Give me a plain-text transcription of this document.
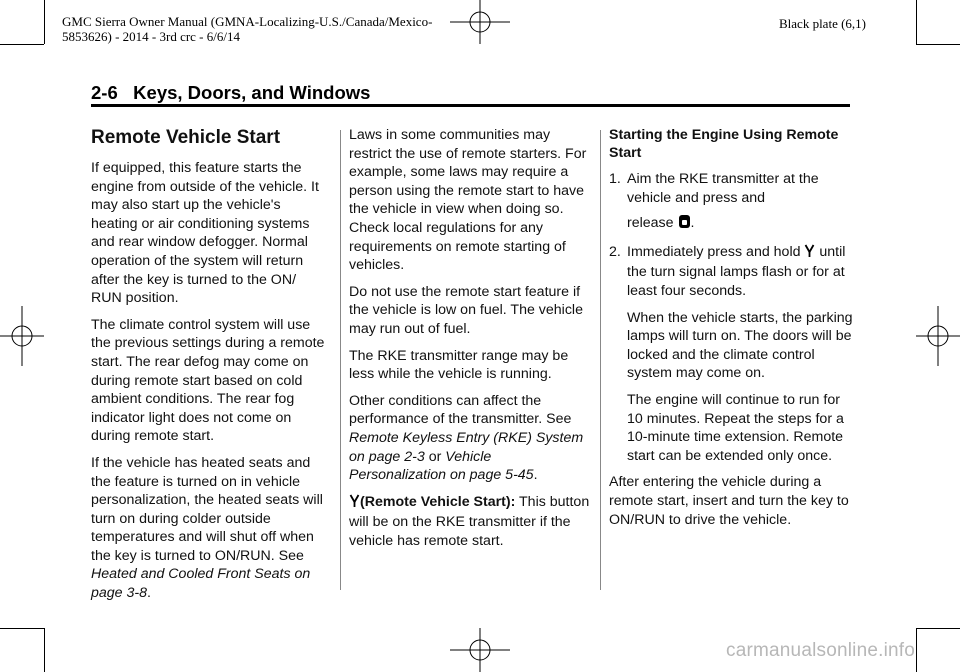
GMC Sierra Owner Manual (GMNA-Localizing-U.S./Canada/Mexico-
5853626) - 2014 - 3rd crc - 6/6/14
Black plate (6,1)
2-6 Keys, Doors, and Windows

Remote Vehicle Start

If equipped, this feature starts the engine from outside of the vehicle. It may also start up the vehicle's heating or air conditioning systems and rear window defogger. Normal operation of the system will return after the key is turned to the ON/ RUN position.

The climate control system will use the previous settings during a remote start. The rear defog may come on during remote start based on cold ambient conditions. The rear fog indicator light does not come on during remote start.

If the vehicle has heated seats and the feature is turned on in vehicle personalization, the heated seats will turn on during colder outside temperatures and will shut off when the key is turned to ON/RUN. See Heated and Cooled Front Seats on page 3-8.

Laws in some communities may restrict the use of remote starters. For example, some laws may require a person using the remote start to have the vehicle in view when doing so. Check local regulations for any requirements on remote starting of vehicles.

Do not use the remote start feature if the vehicle is low on fuel. The vehicle may run out of fuel.

The RKE transmitter range may be less while the vehicle is running.

Other conditions can affect the performance of the transmitter. See Remote Keyless Entry (RKE) System on page 2-3 or Vehicle Personalization on page 5-45.

(Remote Vehicle Start): This button will be on the RKE transmitter if the vehicle has remote start.

Starting the Engine Using Remote Start

1. Aim the RKE transmitter at the vehicle and press and
release .
2. Immediately press and hold until the turn signal lamps flash or for at least four seconds.

When the vehicle starts, the parking lamps will turn on. The doors will be locked and the climate control system may come on.

The engine will continue to run for 10 minutes. Repeat the steps for a 10-minute time extension. Remote start can be extended only once.

After entering the vehicle during a remote start, insert and turn the key to ON/RUN to drive the vehicle.

carmanualsonline.info
